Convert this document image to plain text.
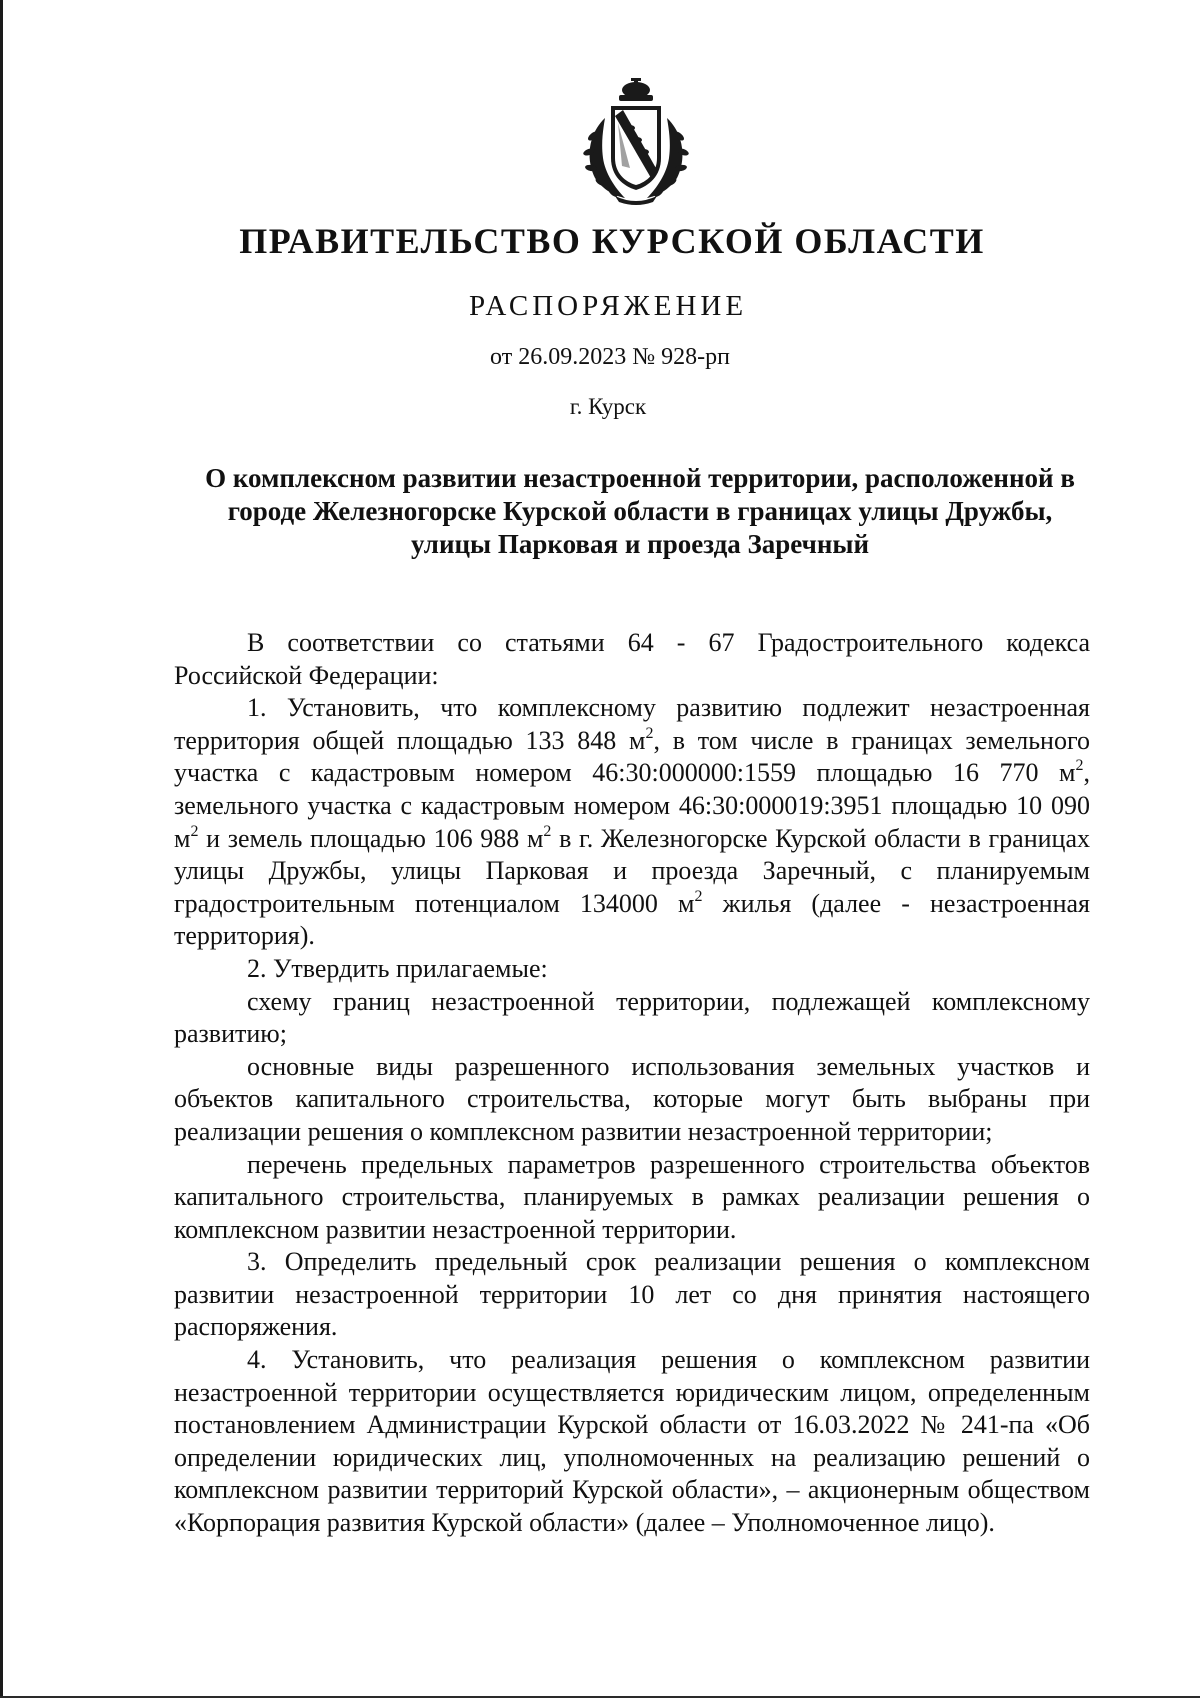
ПРАВИТЕЛЬСТВО КУРСКОЙ ОБЛАСТИ
РАСПОРЯЖЕНИЕ
от 26.09.2023 № 928-рп
г. Курск
О комплексном развитии незастроенной территории, расположенной в
городе Железногорске Курской области в границах улицы Дружбы,
улицы Парковая и проезда Заречный

В соответствии со статьями 64 - 67 Градостроительного кодекса Российской Федерации:

1. Установить, что комплексному развитию подлежит незастроенная территория общей площадью 133 848 $м^2$, в том числе в границах земельного участка с кадастровым номером 46:30:000000:1559 площадью 16 770 $м^2$, земельного участка с кадастровым номером 46:30:000019:3951 площадью 10 090 $м^2$ и земель площадью 106 988 $м^2$ в г. Железногорске Курской области в границах улицы Дружбы, улицы Парковая и проезда Заречный, с планируемым градостроительным потенциалом 134000 $м^2$ жилья (далее - незастроенная территория).

2. Утвердить прилагаемые:

схему границ незастроенной территории, подлежащей комплексному развитию;

основные виды разрешенного использования земельных участков и объектов капитального строительства, которые могут быть выбраны при реализации решения о комплексном развитии незастроенной территории;

перечень предельных параметров разрешенного строительства объектов капитального строительства, планируемых в рамках реализации решения о комплексном развитии незастроенной территории.

3. Определить предельный срок реализации решения о комплексном развитии незастроенной территории 10 лет со дня принятия настоящего распоряжения.

4. Установить, что реализация решения о комплексном развитии незастроенной территории осуществляется юридическим лицом, определенным постановлением Администрации Курской области от 16.03.2022 № 241-па «Об определении юридических лиц, уполномоченных на реализацию решений о комплексном развитии территорий Курской области», – акционерным обществом «Корпорация развития Курской области» (далее – Уполномоченное лицо).
